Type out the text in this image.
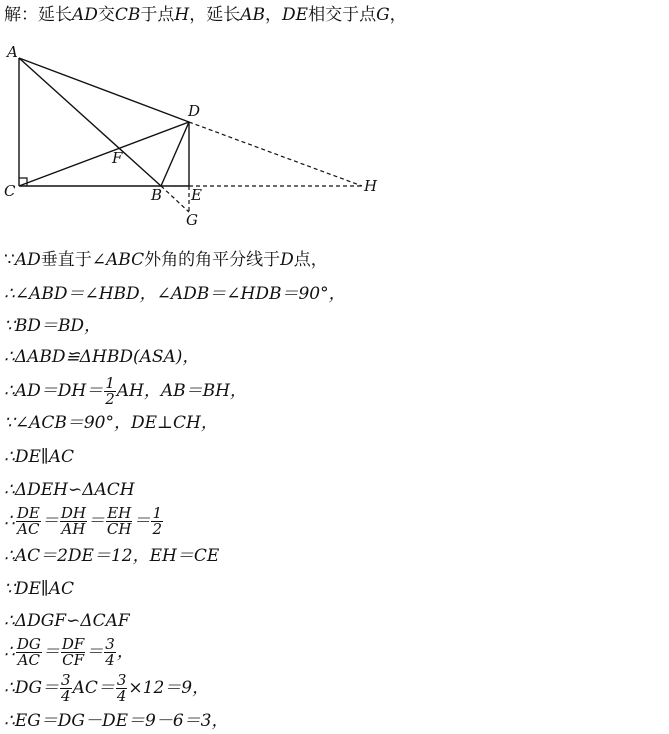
解：延长AD交CB于点H，延长AB，DE相交于点G，
A
D
F
C	B E	H
G
∵AD垂直于∠ABC外角的角平分线于D点，
∴∠ABD＝∠HBD，∠ADB＝∠HDB＝90°，
∵BD＝BD，
∴ΔABD≌ΔHBD(ASA)，
∴AD＝DH＝ $\frac{1}{2}$ AH，AB＝BH，
∵∠ACB＝90°，DE⊥CH，
∴DE∥AC
∴ΔDEH∽ΔACH
∴ $\frac{DE}{AC} = \frac{DH}{AH} = \frac{EH}{CH} = \frac{1}{2}$
∴AC＝2DE＝12，EH＝CE
∵DE∥AC
∴ΔDGF∽ΔCAF
∴ $\frac{DG}{AC} = \frac{DF}{CF} = \frac{3}{4}$ ，
∴DG＝ $\frac{3}{4} AC= \frac{3}{4} \times 12=9$，
∴EG＝DG－DE＝9－6＝3，
